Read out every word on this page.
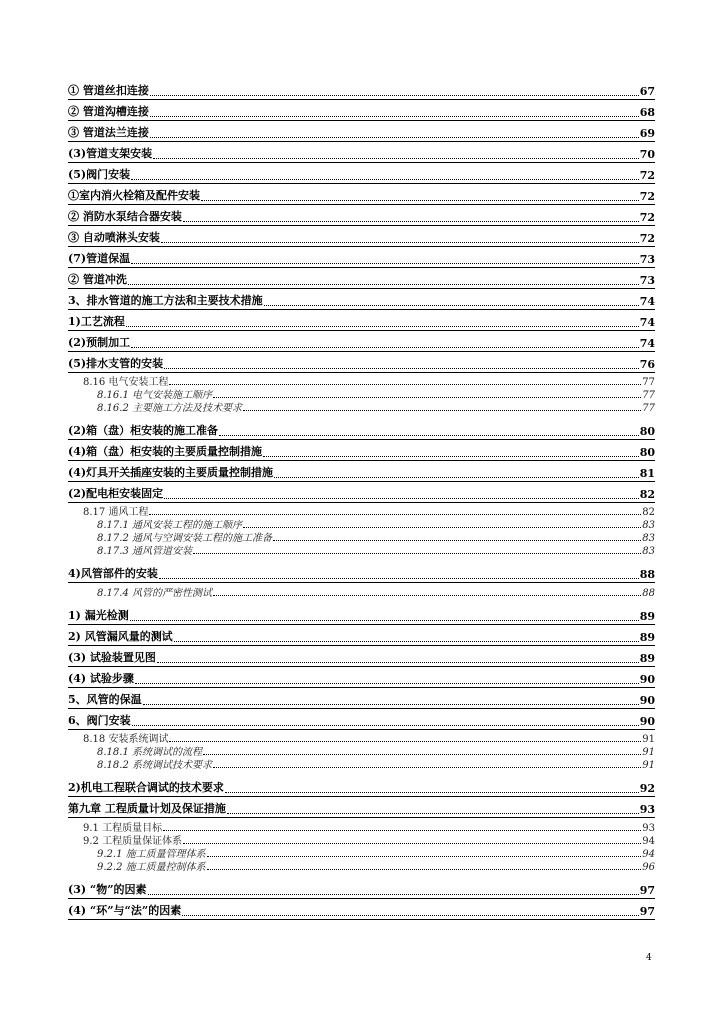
① 管道丝扣连接	67
② 管道沟槽连接	68
③ 管道法兰连接	69
(3)管道支架安装	70
(5)阀门安装	72
①室内消火栓箱及配件安装	72
② 消防水泵结合器安装	72
③ 自动喷淋头安装	72
(7)管道保温	73
② 管道冲洗	73
3、排水管道的施工方法和主要技术措施	74
1)工艺流程	74
(2)预制加工	74
(5)排水支管的安装	76
8.16 电气安装工程	77
8.16.1 电气安装施工顺序	77
8.16.2 主要施工方法及技术要求	77
(2)箱（盘）柜安装的施工准备	80
(4)箱（盘）柜安装的主要质量控制措施	80
(4)灯具开关插座安装的主要质量控制措施	81
(2)配电柜安装固定	82
8.17 通风工程	82
8.17.1 通风安装工程的施工顺序	83
8.17.2 通风与空调安装工程的施工准备	83
8.17.3 通风管道安装	83
4)风管部件的安装	88
8.17.4 风管的严密性测试	88
1) 漏光检测	89
2) 风管漏风量的测试	89
(3) 试验装置见图	89
(4) 试验步骤	90
5、风管的保温	90
6、阀门安装	90
8.18 安装系统调试	91
8.18.1 系统调试的流程	91
8.18.2 系统调试技术要求	91
2)机电工程联合调试的技术要求	92
第九章 工程质量计划及保证措施	93
9.1 工程质量目标	93
9.2 工程质量保证体系	94
9.2.1 施工质量管理体系	94
9.2.2 施工质量控制体系	96
(3) “物”的因素	97
(4) “环”与“法”的因素	97
4
